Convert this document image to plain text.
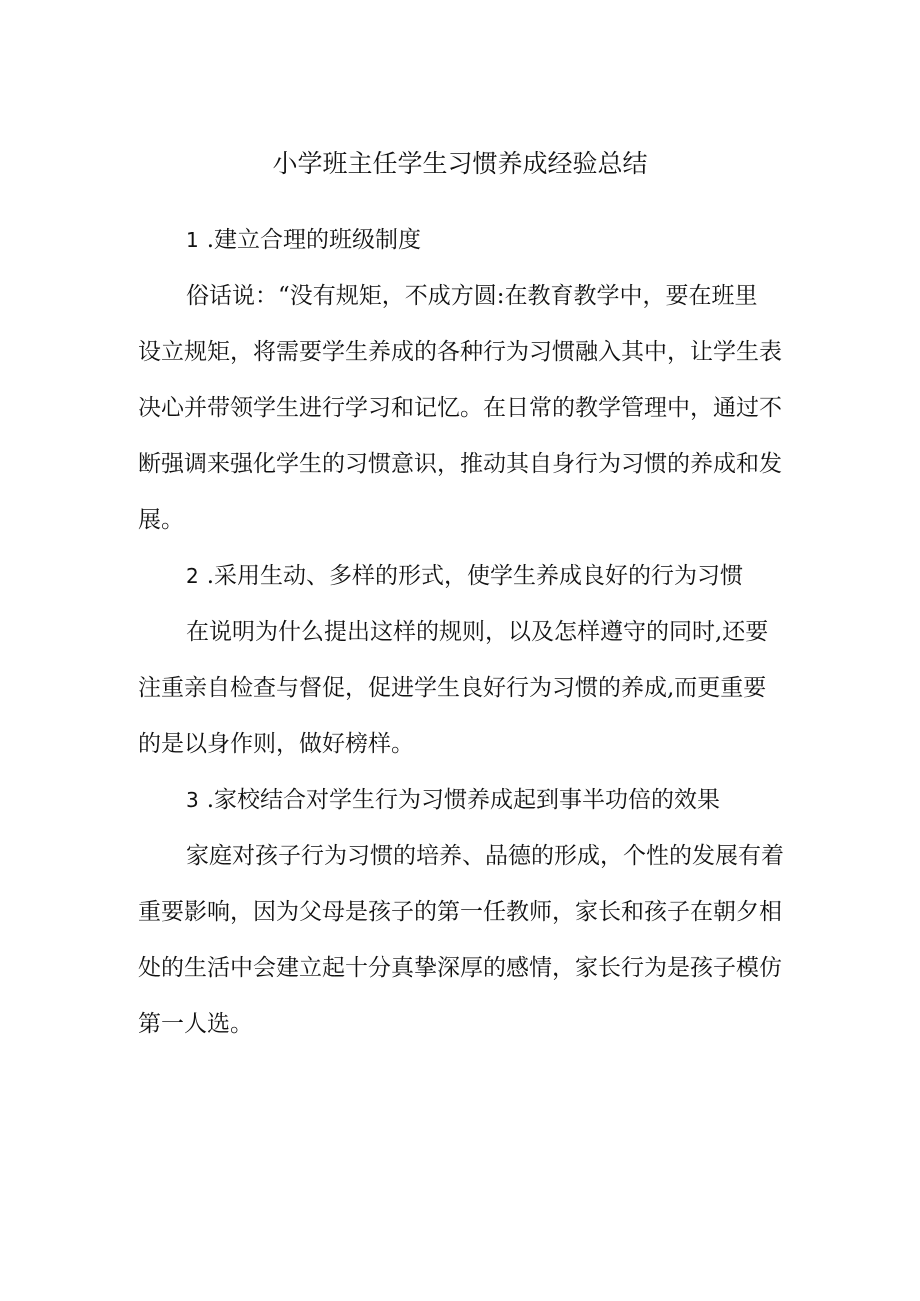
小学班主任学生习惯养成经验总结
1 .建立合理的班级制度
俗话说：“没有规矩，不成方圆:在教育教学中，要在班里
设立规矩，将需要学生养成的各种行为习惯融入其中，让学生表
决心并带领学生进行学习和记忆。在日常的教学管理中，通过不
断强调来强化学生的习惯意识，推动其自身行为习惯的养成和发
展。
2 .采用生动、多样的形式，使学生养成良好的行为习惯
在说明为什么提出这样的规则，以及怎样遵守的同时,还要
注重亲自检查与督促，促进学生良好行为习惯的养成,而更重要
的是以身作则，做好榜样。
3 .家校结合对学生行为习惯养成起到事半功倍的效果
家庭对孩子行为习惯的培养、品德的形成，个性的发展有着
重要影响，因为父母是孩子的第一任教师，家长和孩子在朝夕相
处的生活中会建立起十分真挚深厚的感情，家长行为是孩子模仿
第一人选。
